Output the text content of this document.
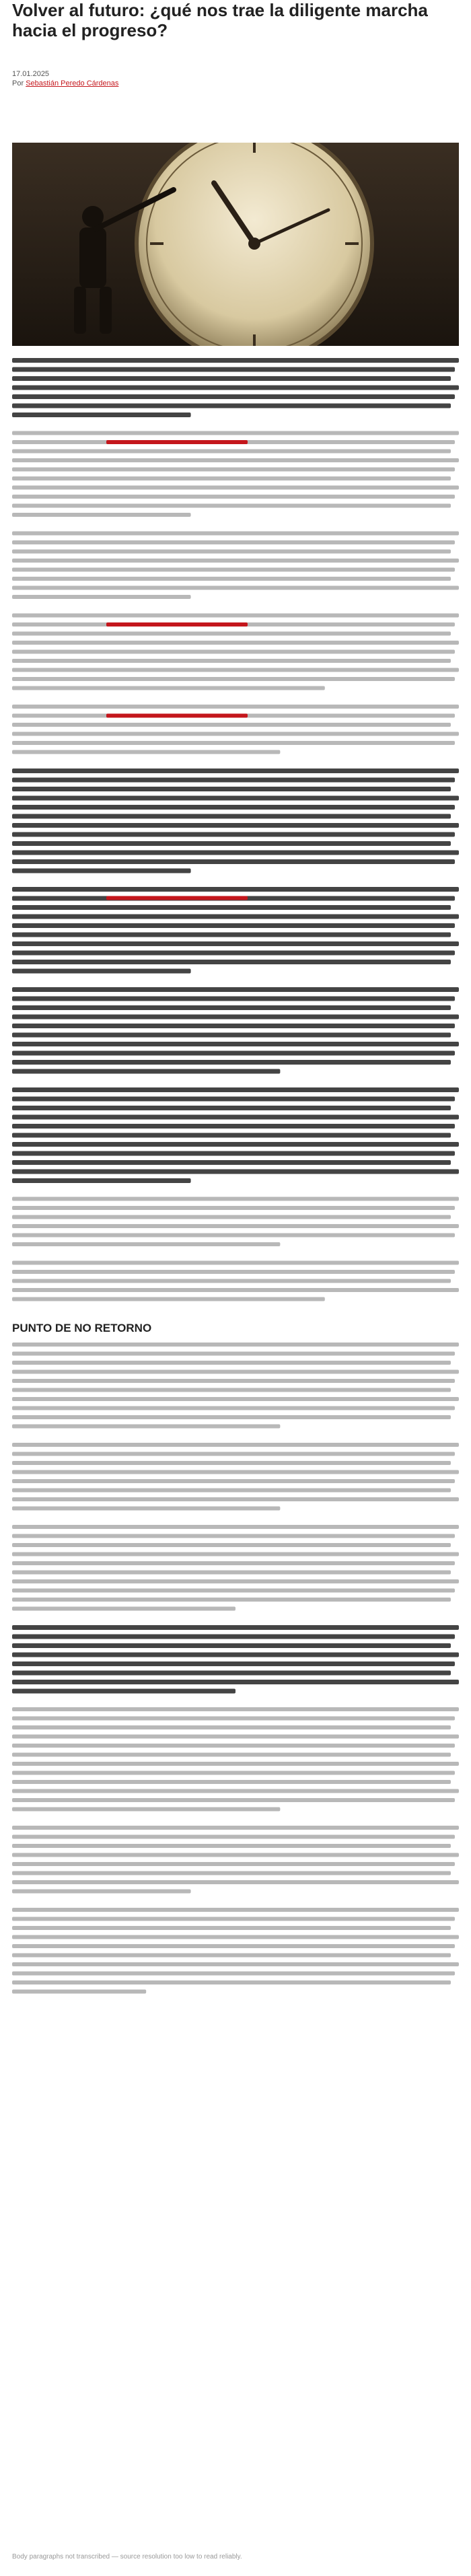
Volver al futuro: ¿qué nos trae la diligente marcha hacia el progreso?
17.01.2025
Por Sebastián Peredo Cárdenas
PUNTO DE NO RETORNO
Body paragraphs not transcribed — source resolution too low to read reliably.
